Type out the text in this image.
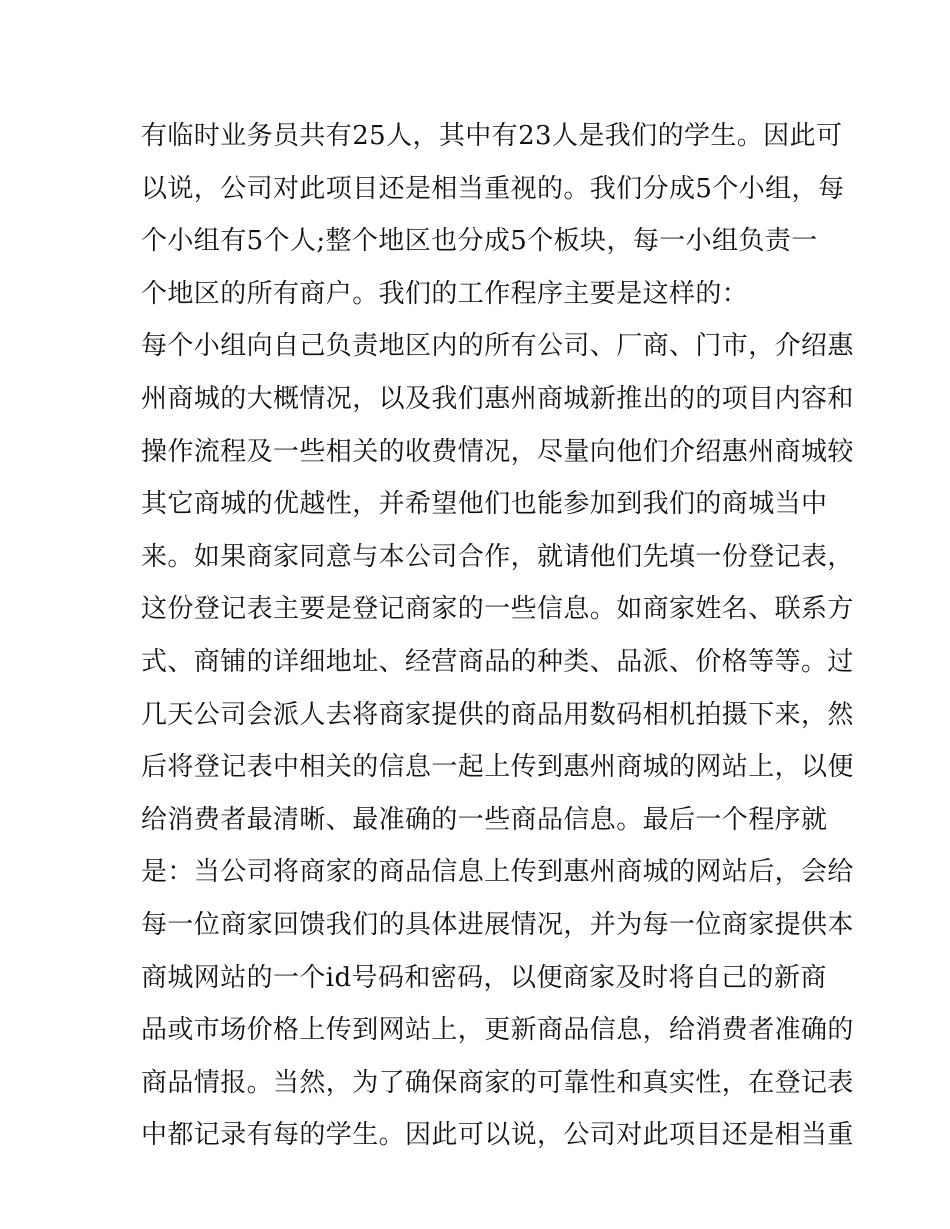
有临时业务员共有25人，其中有23人是我们的学生。因此可
以说，公司对此项目还是相当重视的。我们分成5个小组，每
个小组有5个人;整个地区也分成5个板块，每一小组负责一
个地区的所有商户。我们的工作程序主要是这样的：
每个小组向自己负责地区内的所有公司、厂商、门市，介绍惠
州商城的大概情况，以及我们惠州商城新推出的的项目内容和
操作流程及一些相关的收费情况，尽量向他们介绍惠州商城较
其它商城的优越性，并希望他们也能参加到我们的商城当中
来。如果商家同意与本公司合作，就请他们先填一份登记表，
这份登记表主要是登记商家的一些信息。如商家姓名、联系方
式、商铺的详细地址、经营商品的种类、品派、价格等等。过
几天公司会派人去将商家提供的商品用数码相机拍摄下来，然
后将登记表中相关的信息一起上传到惠州商城的网站上，以便
给消费者最清晰、最准确的一些商品信息。最后一个程序就
是：当公司将商家的商品信息上传到惠州商城的网站后，会给
每一位商家回馈我们的具体进展情况，并为每一位商家提供本
商城网站的一个id号码和密码，以便商家及时将自己的新商
品或市场价格上传到网站上，更新商品信息，给消费者准确的
商品情报。当然，为了确保商家的可靠性和真实性，在登记表
中都记录有每的学生。因此可以说，公司对此项目还是相当重
